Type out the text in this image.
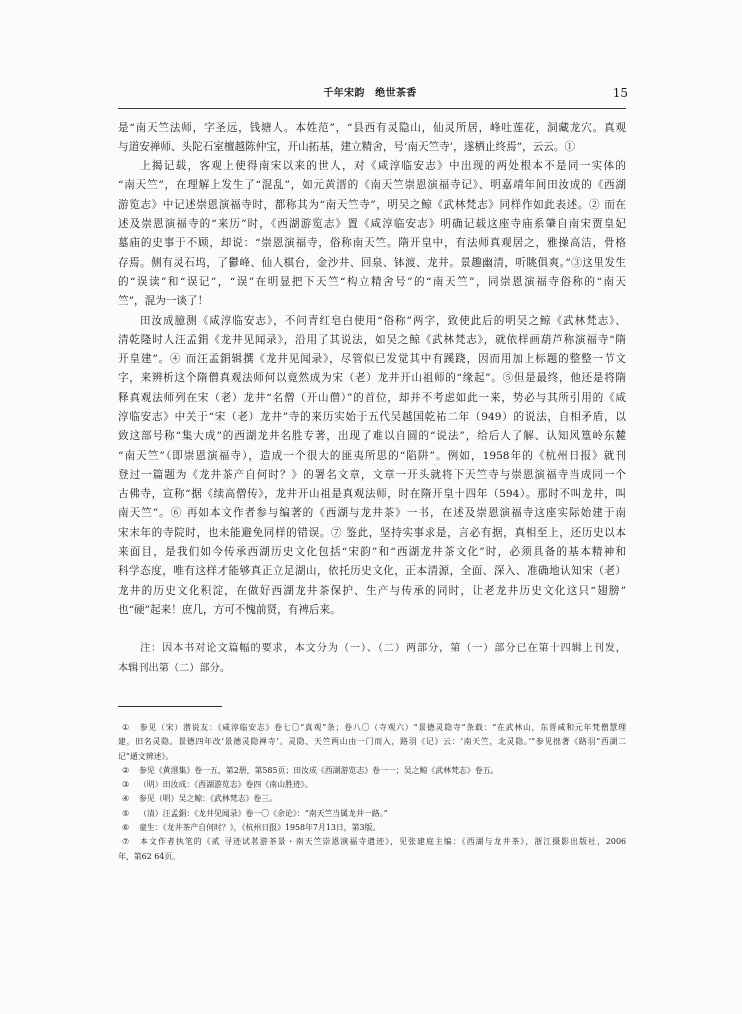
千年宋韵　绝世茶香	15
是“南天竺法师，字圣远，钱塘人。本姓范”，“县西有灵隐山，仙灵所居，峰吐莲花，洞藏龙穴。真观
与道安禅师、头陀石室檀越陈仲宝，开山拓基，建立精舍，号‘南天竺寺’，遂栖止终焉”，云云。①
上揭记载，客观上使得南宋以来的世人，对《咸淳临安志》中出现的两处根本不是同一实体的
“南天竺”，在理解上发生了“混乱”，如元黄溍的《南天竺崇恩演福寺记》、明嘉靖年间田汝成的《西湖
游览志》中记述崇恩演福寺时，都称其为“南天竺寺”，明吴之鲸《武林梵志》同样作如此表述。② 而在
述及崇恩演福寺的“来历”时，《西湖游览志》置《咸淳临安志》明确记载这座寺庙系肇自南宋贾皇妃
墓庙的史事于不顾，却说：“崇恩演福寺，俗称南天竺。隋开皇中，有法师真观居之，雅操高洁，骨格
存焉。侧有灵石坞，了鬱峰、仙人棋台，金沙井、回泉、钵渡、龙井。景趣幽清，听眺俱爽。”③这里发生
的“误读”和“误记”，“误”在明显把下天竺“构立精舍号”的“南天竺”，同崇恩演福寺俗称的“南天
竺”，混为一谈了！
田汝成臆测《咸淳临安志》，不问青红皂白使用“俗称”两字，致使此后的明吴之鲸《武林梵志》、
清乾隆时人汪孟鋗《龙井见闻录》，沿用了其说法，如吴之鲸《武林梵志》，就依样画葫芦称演福寺“隋
开皇建”。④ 而汪孟鋗辑撰《龙井见闻录》，尽管似已发觉其中有蹊跷，因而用加上标题的整整一节文
字，来辨析这个隋僧真观法师何以竟然成为宋（老）龙井开山祖师的“缘起”。⑤但是最终，他还是将隋
释真观法师列在宋（老）龙井“名僧（开山僧）”的首位，却并不考虑如此一来，势必与其所引用的《咸
淳临安志》中关于“宋（老）龙井”寺的来历实始于五代吴越国乾祐二年（949）的说法，自相矛盾，以
致这部号称“集大成”的西湖龙井名胜专著，出现了难以自圆的“说法”，给后人了解、认知风篁岭东麓
“南天竺”（即崇恩演福寺），造成一个很大的匪夷所思的“陷阱”。例如，1958年的《杭州日报》就刊
登过一篇题为《龙井茶产自何时？》的署名文章，文章一开头就将下天竺寺与崇恩演福寺当成同一个
古佛寺，宣称“据《续高僧传》，龙井开山祖是真观法师，时在隋开皇十四年（594）。那时不叫龙井，叫
南天竺”。⑥ 再如本文作者参与编著的《西湖与龙井茶》一书，在述及崇恩演福寺这座实际始建于南
宋末年的寺院时，也未能避免同样的错误。⑦ 鉴此，坚持实事求是，言必有据，真相至上，还历史以本
来面目，是我们如今传承西湖历史文化包括“宋韵”和“西湖龙井茶文化”时，必须具备的基本精神和
科学态度，唯有这样才能够真正立足湖山，依托历史文化，正本清源，全面、深入、准确地认知宋（老）
龙井的历史文化积淀，在做好西湖龙井茶保护、生产与传承的同时，让老龙井历史文化这只“翅膀”
也“硬”起来！庶几，方可不愧前贤，有裨后来。
注：因本书对论文篇幅的要求，本文分为（一）、（二）两部分，第（一）部分已在第十四辑上刊发，
本辑刊出第（二）部分。
① 参见（宋）潜说友：《咸淳临安志》卷七〇“真观”条；卷八〇（寺观六）“景德灵隐寺”条载：“在武林山，东晋咸和元年梵僧慧理
建，旧名灵隐。景德四年改‘景德灵隐禅寺’。灵隐、天竺两山由一门而入，路羽《记》云：‘南天竺，北灵隐。’”参见拙著《路羽“西湖二
记”通文辨述》。
② 参见《黄溍集》卷一五，第2册，第585页；田汝成《西湖游览志》卷一一；吴之鲸《武林梵志》卷五。
③ （明）田汝成：《西湖游览志》卷四《南山胜迹》。
④ 参见（明）吴之鲸：《武林梵志》卷三。
⑤ （清）汪孟鋗：《龙井见闻录》卷一〇《余论》：“南天竺当属龙井一路。”
⑥ 童生：《龙井茶产自何时？》，《杭州日报》1958年7月13日，第3版。
⑦ 本文作者执笔的《贰 寻迹试茗游茶景・南天竺崇恩演福寺遗迹》，见张建庭主编：《西湖与龙井茶》，浙江摄影出版社，2006
年，第62 64页。
